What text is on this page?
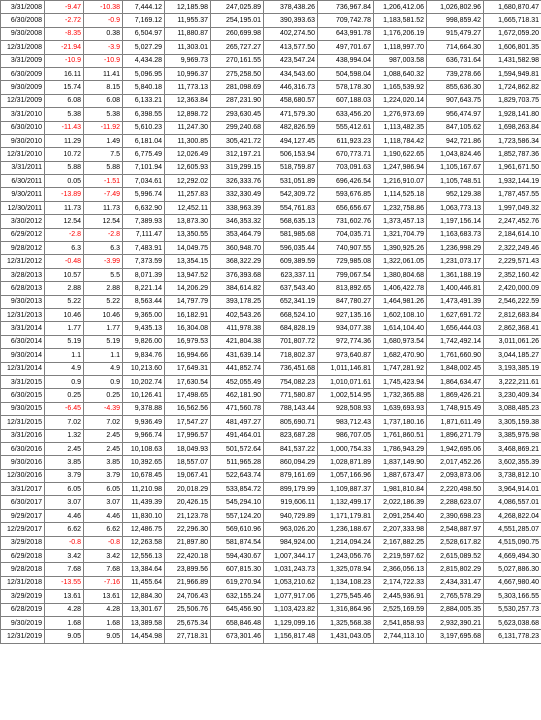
3/31/2008	-9.47	-10.38	7,444.12	12,185.98	247,025.89	378,438.26	736,967.84	1,206,412.06	1,026,802.96	1,680,870.47
6/30/2008	-2.72	-0.9	7,169.12	11,955.37	254,195.01	390,393.63	709,742.78	1,183,581.52	998,859.42	1,665,718.31
9/30/2008	-8.35	0.38	6,504.97	11,880.87	260,699.98	402,274.50	643,991.78	1,176,206.19	915,479.27	1,672,059.20
12/31/2008	-21.94	-3.9	5,027.29	11,303.01	265,727.27	413,577.50	497,701.67	1,118,997.70	714,664.30	1,606,801.35
3/31/2009	-10.9	-10.9	4,434.28	9,969.73	270,161.55	423,547.24	438,994.04	987,003.58	636,731.64	1,431,582.98
6/30/2009	16.11	11.41	5,096.95	10,996.37	275,258.50	434,543.60	504,598.04	1,088,640.32	739,278.66	1,594,949.81
9/30/2009	15.74	8.15	5,840.18	11,773.13	281,098.69	446,316.73	578,178.30	1,165,539.92	855,636.30	1,724,862.82
12/31/2009	6.08	6.08	6,133.21	12,363.84	287,231.90	458,680.57	607,188.03	1,224,020.14	907,643.75	1,829,703.75
3/31/2010	5.38	5.38	6,398.55	12,898.72	293,630.45	471,579.30	633,456.20	1,276,973.69	956,474.97	1,928,141.80
6/30/2010	-11.43	-11.92	5,610.23	11,247.30	299,240.68	482,826.59	555,412.61	1,113,482.35	847,105.62	1,698,263.84
9/30/2010	11.29	1.49	6,181.04	11,300.85	305,421.72	494,127.45	611,923.23	1,118,784.42	942,721.86	1,723,586.34
12/31/2010	10.72	7.5	6,775.49	12,026.49	312,197.21	506,153.94	670,773.71	1,190,622.65	1,043,824.46	1,852,787.36
3/31/2011	5.88	5.88	7,101.94	12,605.93	319,299.15	518,759.87	703,091.63	1,247,986.94	1,105,167.67	1,961,671.50
6/30/2011	0.05	-1.51	7,034.61	12,292.02	326,333.76	531,051.89	696,426.54	1,216,910.07	1,105,748.51	1,932,144.19
9/30/2011	-13.89	-7.49	5,996.74	11,257.83	332,330.49	542,309.72	593,676.85	1,114,525.18	952,129.38	1,787,457.55
12/30/2011	11.73	11.73	6,632.90	12,452.11	338,963.39	554,761.83	656,656.67	1,232,758.86	1,063,773.13	1,997,049.32
3/30/2012	12.54	12.54	7,389.93	13,873.30	346,353.32	568,635.13	731,602.76	1,373,457.13	1,197,156.14	2,247,452.76
6/29/2012	-2.8	-2.8	7,111.47	13,350.55	353,464.79	581,985.68	704,035.71	1,321,704.79	1,163,683.73	2,184,614.10
9/28/2012	6.3	6.3	7,483.91	14,049.75	360,948.70	596,035.44	740,907.55	1,390,925.26	1,236,998.29	2,322,249.46
12/31/2012	-0.48	-3.99	7,373.59	13,354.15	368,322.29	609,389.59	729,985.08	1,322,061.05	1,231,073.17	2,229,571.43
3/28/2013	10.57	5.5	8,071.39	13,947.52	376,393.68	623,337.11	799,067.54	1,380,804.68	1,361,188.19	2,352,160.42
6/28/2013	2.88	2.88	8,221.14	14,206.29	384,614.82	637,543.40	813,892.65	1,406,422.78	1,400,446.81	2,420,000.09
9/30/2013	5.22	5.22	8,563.44	14,797.79	393,178.25	652,341.19	847,780.27	1,464,981.26	1,473,491.39	2,546,222.59
12/31/2013	10.46	10.46	9,365.00	16,182.91	402,543.26	668,524.10	927,135.16	1,602,108.10	1,627,691.72	2,812,683.84
3/31/2014	1.77	1.77	9,435.13	16,304.08	411,978.38	684,828.19	934,077.38	1,614,104.40	1,656,444.03	2,862,368.41
6/30/2014	5.19	5.19	9,826.00	16,979.53	421,804.38	701,807.72	972,774.36	1,680,973.54	1,742,492.14	3,011,061.26
9/30/2014	1.1	1.1	9,834.76	16,994.66	431,639.14	718,802.37	973,640.87	1,682,470.90	1,761,660.90	3,044,185.27
12/31/2014	4.9	4.9	10,213.60	17,649.31	441,852.74	736,451.68	1,011,146.81	1,747,281.92	1,848,002.45	3,193,385.19
3/31/2015	0.9	0.9	10,202.74	17,630.54	452,055.49	754,082.23	1,010,071.61	1,745,423.94	1,864,634.47	3,222,211.61
6/30/2015	0.25	0.25	10,126.41	17,498.65	462,181.90	771,580.87	1,002,514.95	1,732,365.88	1,869,426.21	3,230,409.34
9/30/2015	-6.45	-4.39	9,378.88	16,562.56	471,560.78	788,143.44	928,508.93	1,639,693.93	1,748,915.49	3,088,485.23
12/31/2015	7.02	7.02	9,936.49	17,547.27	481,497.27	805,690.71	983,712.43	1,737,180.16	1,871,611.49	3,305,159.38
3/31/2016	1.32	2.45	9,966.74	17,996.57	491,464.01	823,687.28	986,707.05	1,761,860.51	1,896,271.79	3,385,975.98
6/30/2016	2.45	2.45	10,108.63	18,049.93	501,572.64	841,537.22	1,000,754.33	1,786,943.29	1,942,695.06	3,468,869.21
9/30/2016	3.85	3.85	10,392.65	18,557.07	511,965.28	860,094.29	1,028,871.89	1,837,149.90	2,017,452.26	3,602,355.39
12/30/2016	3.79	3.79	10,678.45	19,067.41	522,643.74	879,161.69	1,057,166.96	1,887,673.47	2,093,873.06	3,738,812.10
3/31/2017	6.05	6.05	11,210.98	20,018.29	533,854.72	899,179.99	1,109,887.37	1,981,810.84	2,220,498.50	3,964,914.01
6/30/2017	3.07	3.07	11,439.39	20,426.15	545,294.10	919,606.11	1,132,499.17	2,022,186.39	2,288,623.07	4,086,557.01
9/29/2017	4.46	4.46	11,830.10	21,123.78	557,124.20	940,729.89	1,171,179.81	2,091,254.40	2,390,698.23	4,268,822.04
12/29/2017	6.62	6.62	12,486.75	22,296.30	569,610.96	963,026.20	1,236,188.67	2,207,333.98	2,548,887.97	4,551,285.07
3/29/2018	-0.8	-0.8	12,263.58	21,897.80	581,874.54	984,924.00	1,214,094.24	2,167,882.25	2,528,617.82	4,515,090.75
6/29/2018	3.42	3.42	12,556.13	22,420.18	594,430.67	1,007,344.17	1,243,056.76	2,219,597.62	2,615,089.52	4,669,494.30
9/28/2018	7.68	7.68	13,384.64	23,899.56	607,815.30	1,031,243.73	1,325,078.94	2,366,056.13	2,815,802.29	5,027,886.30
12/31/2018	-13.55	-7.16	11,455.64	21,966.89	619,270.94	1,053,210.62	1,134,108.23	2,174,722.33	2,434,331.47	4,667,980.40
3/29/2019	13.61	13.61	12,884.30	24,706.43	632,155.24	1,077,917.06	1,275,545.46	2,445,936.91	2,765,578.29	5,303,166.55
6/28/2019	4.28	4.28	13,301.67	25,506.76	645,456.90	1,103,423.82	1,316,864.96	2,525,169.59	2,884,005.35	5,530,257.73
9/30/2019	1.68	1.68	13,389.58	25,675.34	658,846.48	1,129,099.16	1,325,568.38	2,541,858.93	2,932,390.21	5,623,038.68
12/31/2019	9.05	9.05	14,454.98	27,718.31	673,301.46	1,156,817.48	1,431,043.05	2,744,113.10	3,197,695.68	6,131,778.23
